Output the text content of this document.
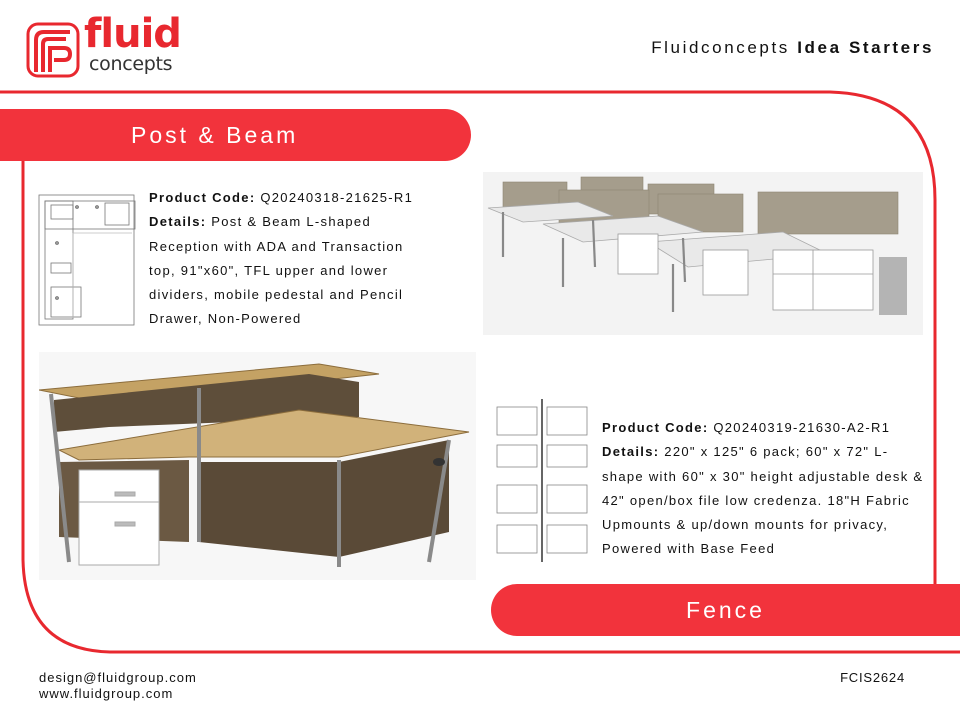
fluid
concepts
Fluidconcepts Idea Starters
Post & Beam
Product Code: Q20240318-21625-R1
Details: Post & Beam L-shaped Reception with ADA and Transaction top, 91"x60", TFL upper and lower dividers, mobile pedestal and Pencil Drawer, Non-Powered
Product Code: Q20240319-21630-A2-R1
Details: 220" x 125" 6 pack; 60" x 72" L-shape with 60" x 30" height adjustable desk & 42" open/box file low credenza. 18"H Fabric Upmounts & up/down mounts for privacy, Powered with Base Feed
Fence
design@fluidgroup.com
www.fluidgroup.com
FCIS2624
